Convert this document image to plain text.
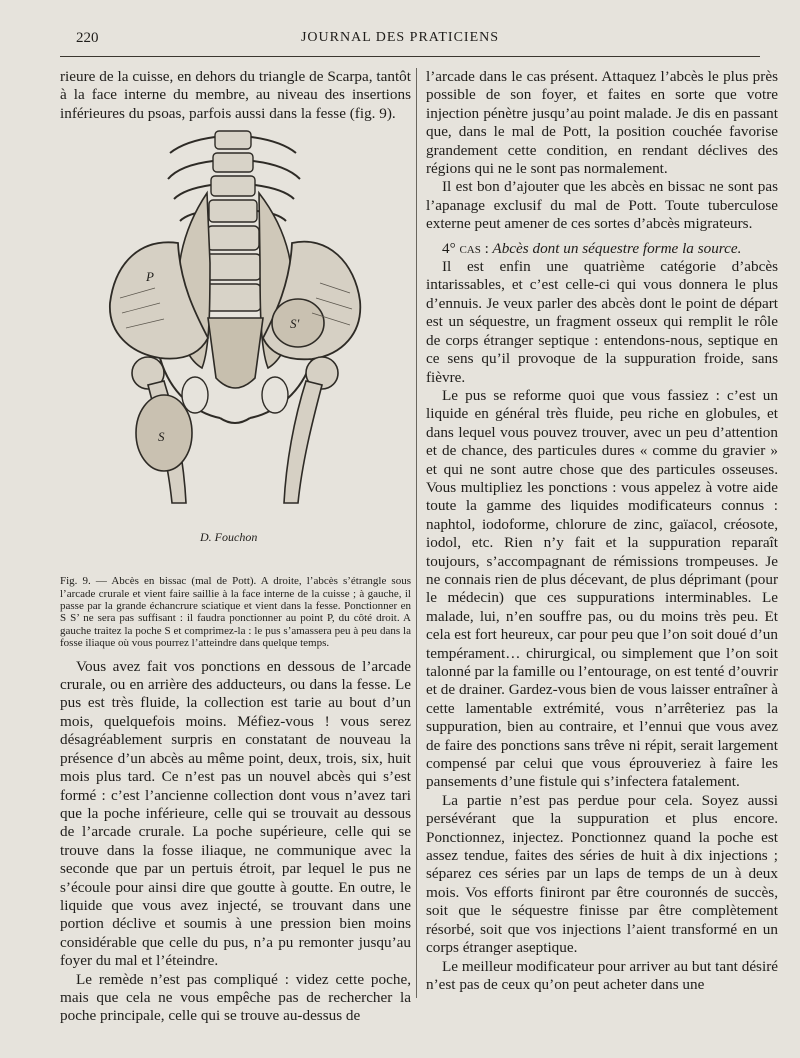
220	JOURNAL DES PRATICIENS

rieure de la cuisse, en dehors du triangle de Scarpa, tantôt à la face interne du membre, au niveau des insertions inférieures du psoas, parfois aussi dans la fesse (fig. 9).

P
S'
S
D. Fouchon

Fig. 9. — Abcès en bissac (mal de Pott). A droite, l’abcès s’étrangle sous l’arcade crurale et vient faire saillie à la face interne de la cuisse ; à gauche, il passe par la grande échancrure sciatique et vient dans la fesse. Ponctionner en S S’ ne sera pas suffisant : il faudra ponctionner au point P, du côté droit. A gauche traitez la poche S et comprimez-la : le pus s’amassera peu à peu dans la fosse iliaque où vous pourrez l’atteindre dans quelque temps.

Vous avez fait vos ponctions en dessous de l’arcade crurale, ou en arrière des adducteurs, ou dans la fesse. Le pus est très fluide, la collection est tarie au bout d’un mois, quelquefois moins. Méfiez-vous ! vous serez désagréablement surpris en constatant de nouveau la présence d’un abcès au même point, deux, trois, six, huit mois plus tard. Ce n’est pas un nouvel abcès qui s’est formé : c’est l’ancienne collection dont vous n’avez tari que la poche inférieure, celle qui se trouvait au dessous de l’arcade crurale. La poche supérieure, celle qui se trouve dans la fosse iliaque, ne communique avec la seconde que par un pertuis étroit, par lequel le pus ne s’écoule pour ainsi dire que goutte à goutte. En outre, le liquide que vous avez injecté, se trouvant dans une portion déclive et soumis à une pression bien moins considérable que celle du pus, n’a pu remonter jusqu’au foyer du mal et l’éteindre.

Le remède n’est pas compliqué : videz cette poche, mais que cela ne vous empêche pas de rechercher la poche principale, celle qui se trouve au-dessus de

l’arcade dans le cas présent. Attaquez l’abcès le plus près possible de son foyer, et faites en sorte que votre injection pénètre jusqu’au point malade. Je dis en passant que, dans le mal de Pott, la position couchée favorise grandement cette condition, en rendant déclives des régions qui ne le sont pas normalement.

Il est bon d’ajouter que les abcès en bissac ne sont pas l’apanage exclusif du mal de Pott. Toute tuberculose externe peut amener de ces sortes d’abcès migrateurs.

4° cas : Abcès dont un séquestre forme la source.

Il est enfin une quatrième catégorie d’abcès intarissables, et c’est celle-ci qui vous donnera le plus d’ennuis. Je veux parler des abcès dont le point de départ est un séquestre, un fragment osseux qui remplit le rôle de corps étranger septique : entendons-nous, septique en ce sens qu’il provoque de la suppuration froide, sans fièvre.

Le pus se reforme quoi que vous fassiez : c’est un liquide en général très fluide, peu riche en globules, et dans lequel vous pouvez trouver, avec un peu d’attention et de chance, des particules dures « comme du gravier » et qui ne sont autre chose que des particules osseuses. Vous multipliez les ponctions : vous appelez à votre aide toute la gamme des liquides modificateurs connus : naphtol, iodoforme, chlorure de zinc, gaïacol, créosote, iodol, etc. Rien n’y fait et la suppuration reparaît toujours, s’accompagnant de rémissions trompeuses. Je ne connais rien de plus décevant, de plus déprimant (pour le médecin) que ces suppurations interminables. Le malade, lui, n’en souffre pas, ou du moins très peu. Et cela est fort heureux, car pour peu que l’on soit doué d’un tempérament… chirurgical, ou simplement que l’on soit talonné par la famille ou l’entourage, on est tenté d’ouvrir et de drainer. Gardez-vous bien de vous laisser entraîner à cette lamentable extrémité, vous n’arrêteriez pas la suppuration, bien au contraire, et l’ennui que vous avez de faire des ponctions sans trêve ni répit, serait largement compensé par celui que vous éprouveriez à faire les pansements d’une fistule qui s’infectera fatalement.

La partie n’est pas perdue pour cela. Soyez aussi persévérant que la suppuration et plus encore. Ponctionnez, injectez. Ponctionnez quand la poche est assez tendue, faites des séries de huit à dix injections ; séparez ces séries par un laps de temps de un à deux mois. Vos efforts finiront par être couronnés de succès, soit que le séquestre finisse par être complètement résorbé, soit que vos injections l’aient transformé en un corps étranger aseptique.

Le meilleur modificateur pour arriver au but tant désiré n’est pas de ceux qu’on peut acheter dans une
